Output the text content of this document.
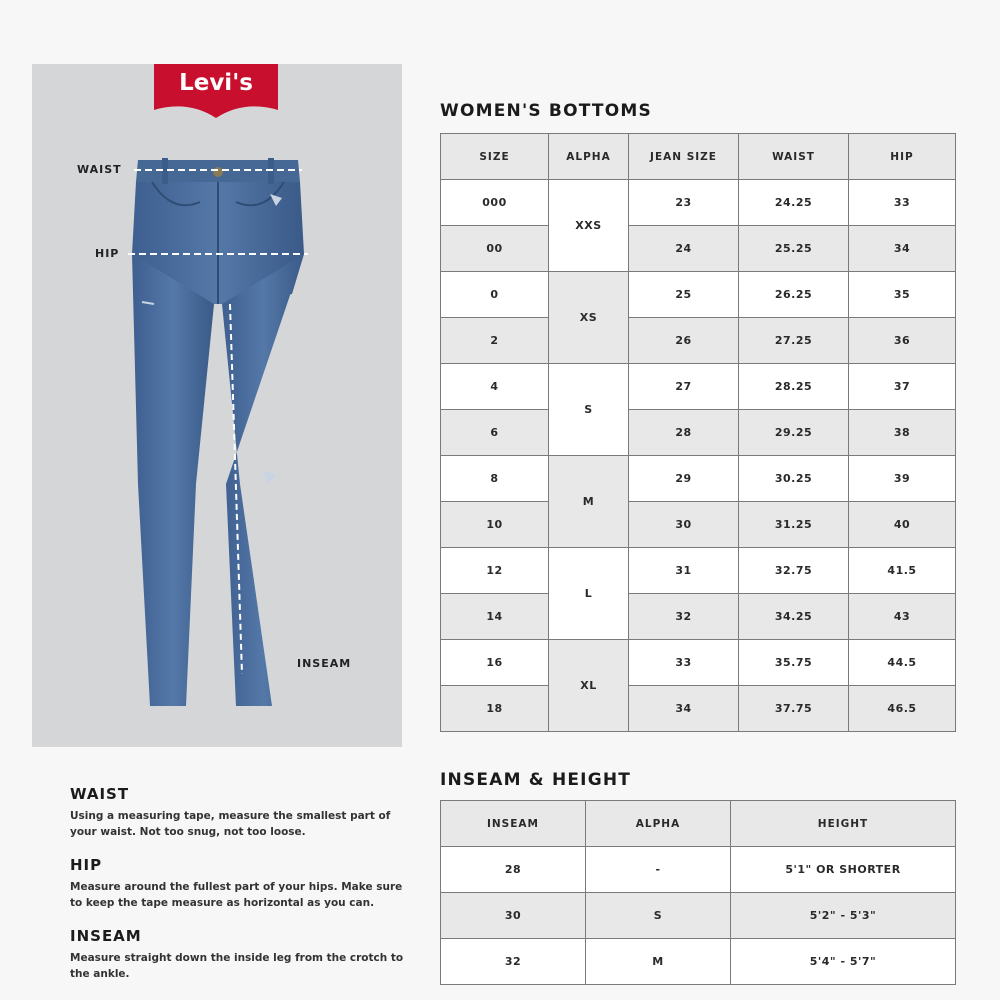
Levi's ®
WAIST
HIP
INSEAM
WOMEN'S BOTTOMS
SIZE	ALPHA	JEAN SIZE	WAIST	HIP
000	XXS	23	24.25	33
00		24	25.25	34
0	XS	25	26.25	35
2		26	27.25	36
4	S	27	28.25	37
6		28	29.25	38
8	M	29	30.25	39
10		30	31.25	40
12	L	31	32.75	41.5
14		32	34.25	43
16	XL	33	35.75	44.5
18		34	37.75	46.5
INSEAM & HEIGHT
INSEAM	ALPHA	HEIGHT
28	-	5'1" OR SHORTER
30	S	5'2" - 5'3"
32	M	5'4" - 5'7"
WAIST

Using a measuring tape, measure the smallest part of your waist. Not too snug, not too loose.

HIP

Measure around the fullest part of your hips. Make sure to keep the tape measure as horizontal as you can.

INSEAM

Measure straight down the inside leg from the crotch to the ankle.
